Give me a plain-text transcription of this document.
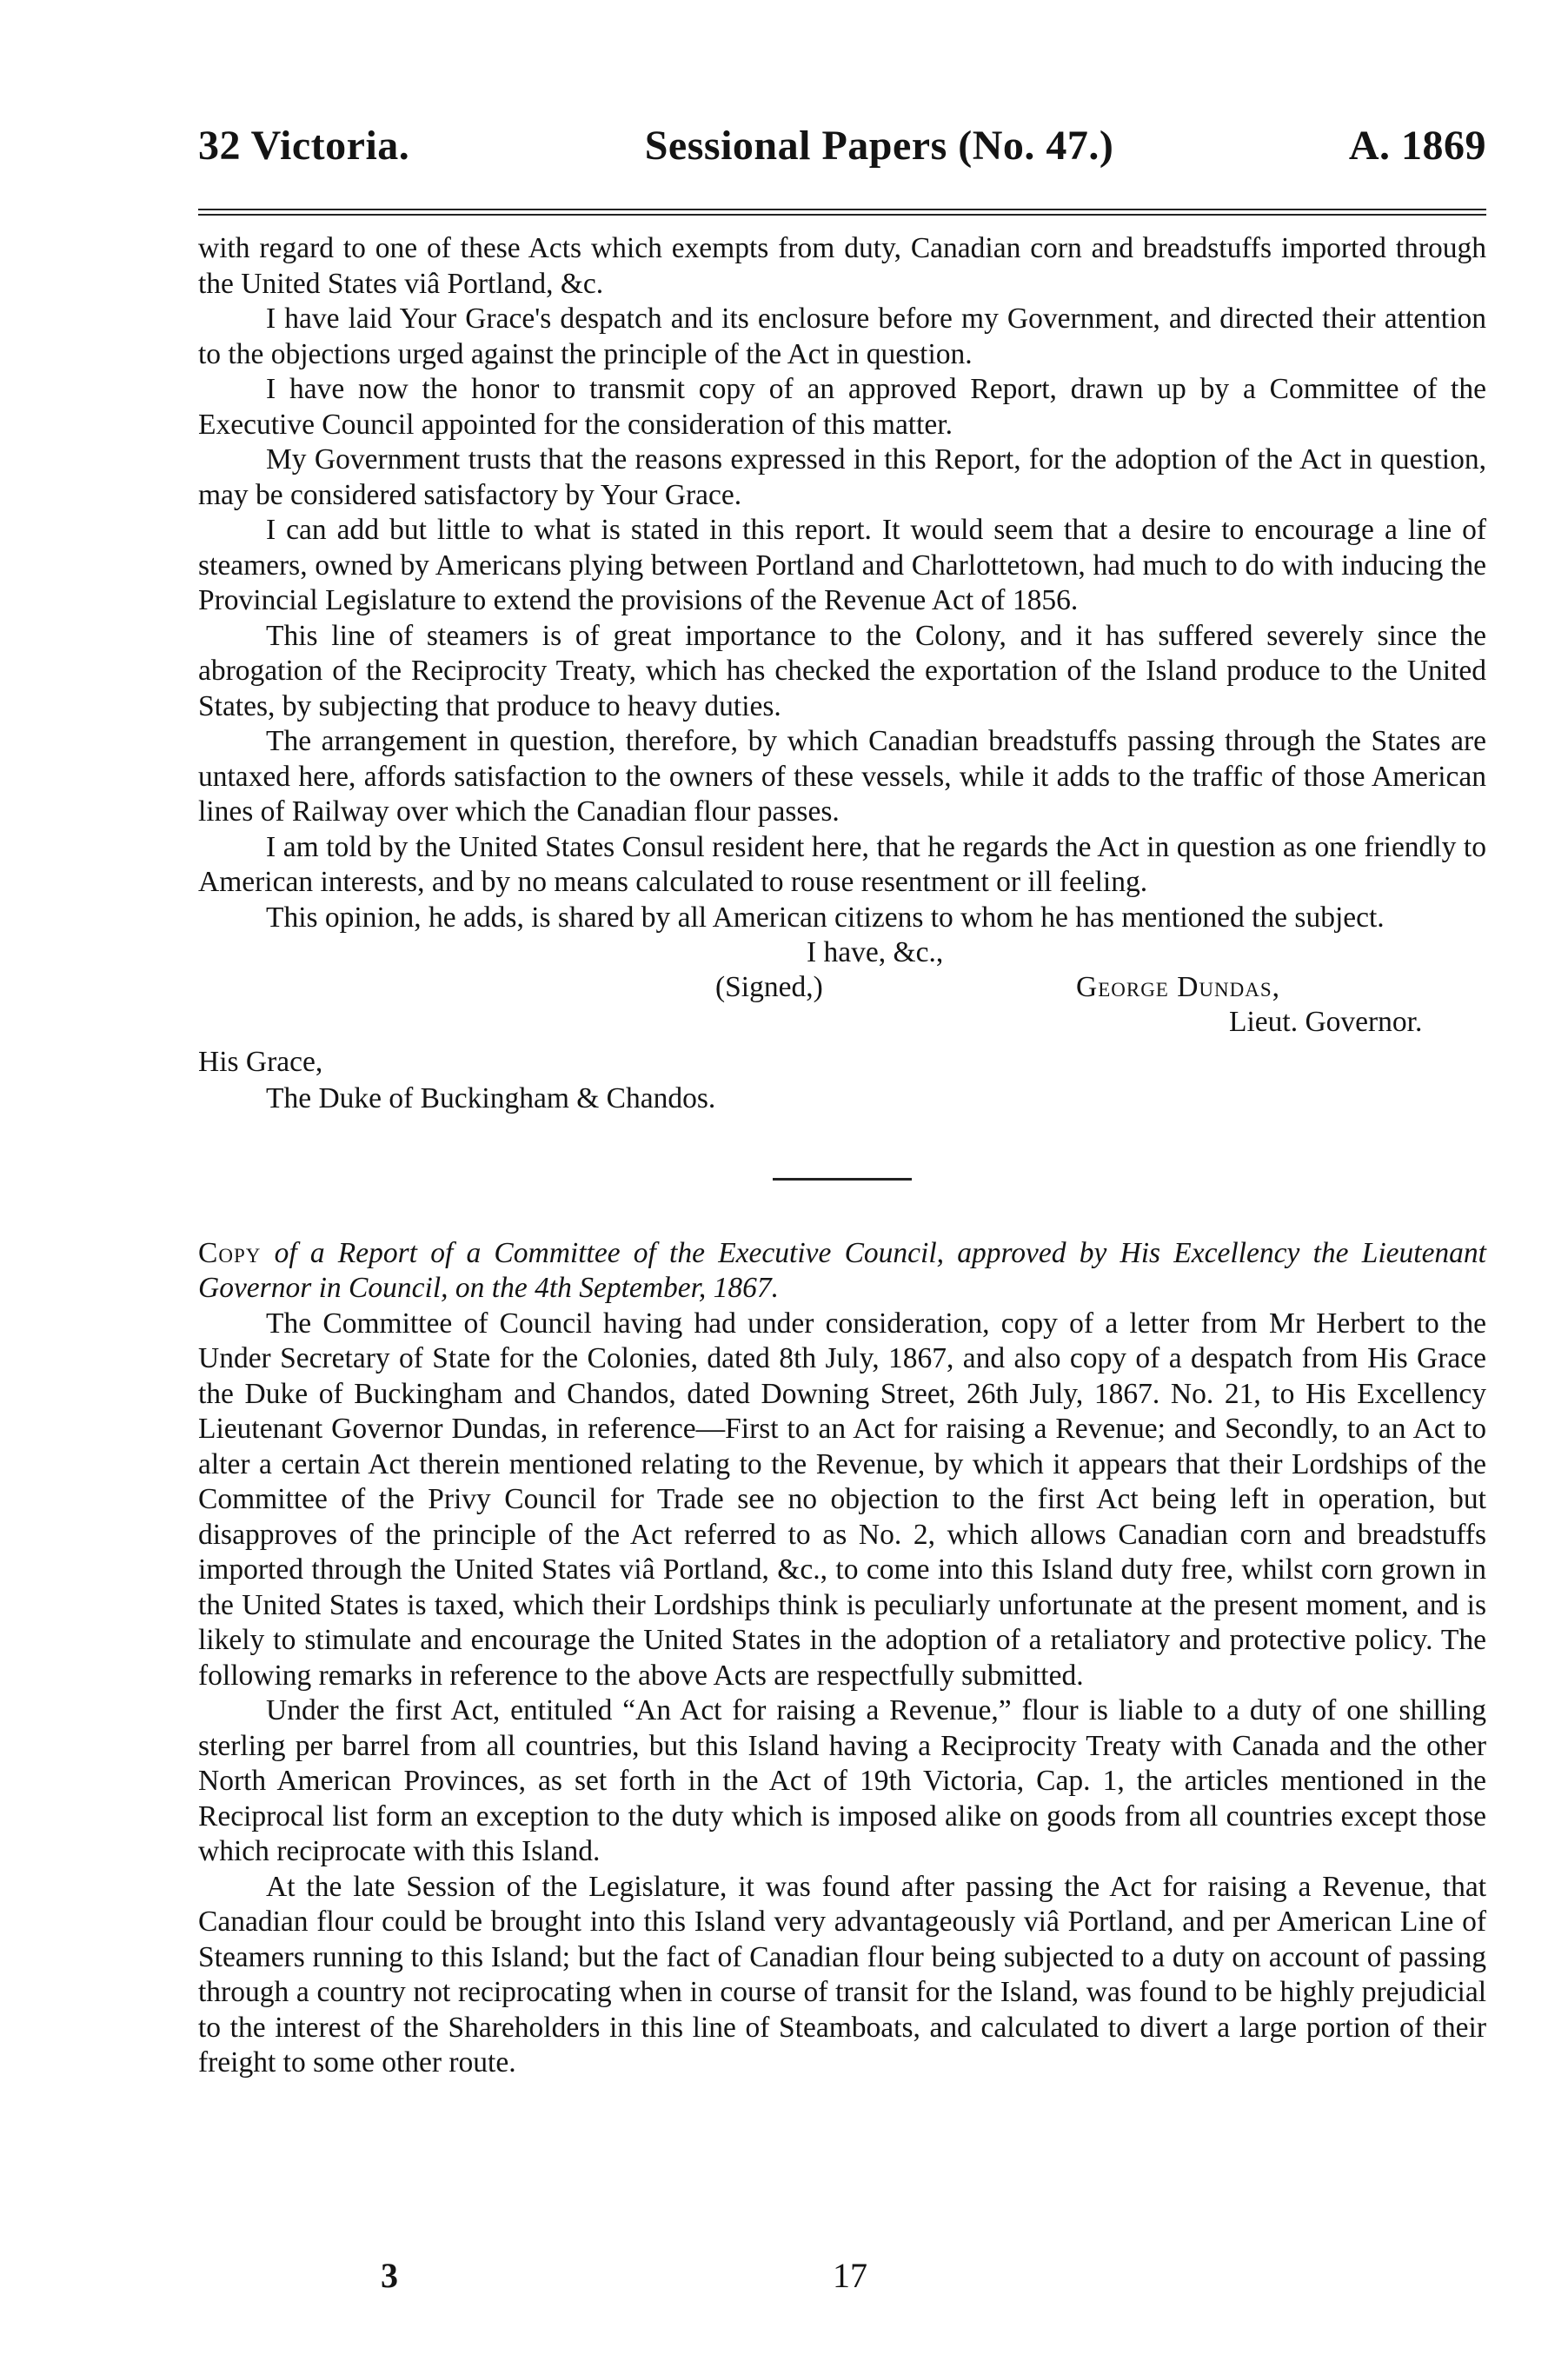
32 Victoria.	Sessional Papers (No. 47.)	A. 1869

with regard to one of these Acts which exempts from duty, Canadian corn and breadstuffs imported through the United States viâ Portland, &c.

I have laid Your Grace's despatch and its enclosure before my Government, and directed their attention to the objections urged against the principle of the Act in question.

I have now the honor to transmit copy of an approved Report, drawn up by a Committee of the Executive Council appointed for the consideration of this matter.

My Government trusts that the reasons expressed in this Report, for the adoption of the Act in question, may be considered satisfactory by Your Grace.

I can add but little to what is stated in this report. It would seem that a desire to encourage a line of steamers, owned by Americans plying between Portland and Charlottetown, had much to do with inducing the Provincial Legislature to extend the provisions of the Revenue Act of 1856.

This line of steamers is of great importance to the Colony, and it has suffered severely since the abrogation of the Reciprocity Treaty, which has checked the exportation of the Island produce to the United States, by subjecting that produce to heavy duties.

The arrangement in question, therefore, by which Canadian breadstuffs passing through the States are untaxed here, affords satisfaction to the owners of these vessels, while it adds to the traffic of those American lines of Railway over which the Canadian flour passes.

I am told by the United States Consul resident here, that he regards the Act in question as one friendly to American interests, and by no means calculated to rouse resentment or ill feeling.

This opinion, he adds, is shared by all American citizens to whom he has mentioned the subject.

I have, &c.,
(Signed,)	George Dundas,
Lieut. Governor.
His Grace,
The Duke of Buckingham & Chandos.
Copy of a Report of a Committee of the Executive Council, approved by His Excellency the Lieutenant Governor in Council, on the 4th September, 1867.

The Committee of Council having had under consideration, copy of a letter from Mr Herbert to the Under Secretary of State for the Colonies, dated 8th July, 1867, and also copy of a despatch from His Grace the Duke of Buckingham and Chandos, dated Downing Street, 26th July, 1867. No. 21, to His Excellency Lieutenant Governor Dundas, in reference—First to an Act for raising a Revenue; and Secondly, to an Act to alter a certain Act therein mentioned relating to the Revenue, by which it appears that their Lordships of the Committee of the Privy Council for Trade see no objection to the first Act being left in operation, but disapproves of the principle of the Act referred to as No. 2, which allows Canadian corn and breadstuffs imported through the United States viâ Portland, &c., to come into this Island duty free, whilst corn grown in the United States is taxed, which their Lordships think is peculiarly unfortunate at the present moment, and is likely to stimulate and encourage the United States in the adoption of a retaliatory and protective policy. The following remarks in reference to the above Acts are respectfully submitted.

Under the first Act, entituled “An Act for raising a Revenue,” flour is liable to a duty of one shilling sterling per barrel from all countries, but this Island having a Reciprocity Treaty with Canada and the other North American Provinces, as set forth in the Act of 19th Victoria, Cap. 1, the articles mentioned in the Reciprocal list form an exception to the duty which is imposed alike on goods from all countries except those which reciprocate with this Island.

At the late Session of the Legislature, it was found after passing the Act for raising a Revenue, that Canadian flour could be brought into this Island very advantageously viâ Portland, and per American Line of Steamers running to this Island; but the fact of Canadian flour being subjected to a duty on account of passing through a country not reciprocating when in course of transit for the Island, was found to be highly prejudicial to the interest of the Shareholders in this line of Steamboats, and calculated to divert a large portion of their freight to some other route.

3	17
